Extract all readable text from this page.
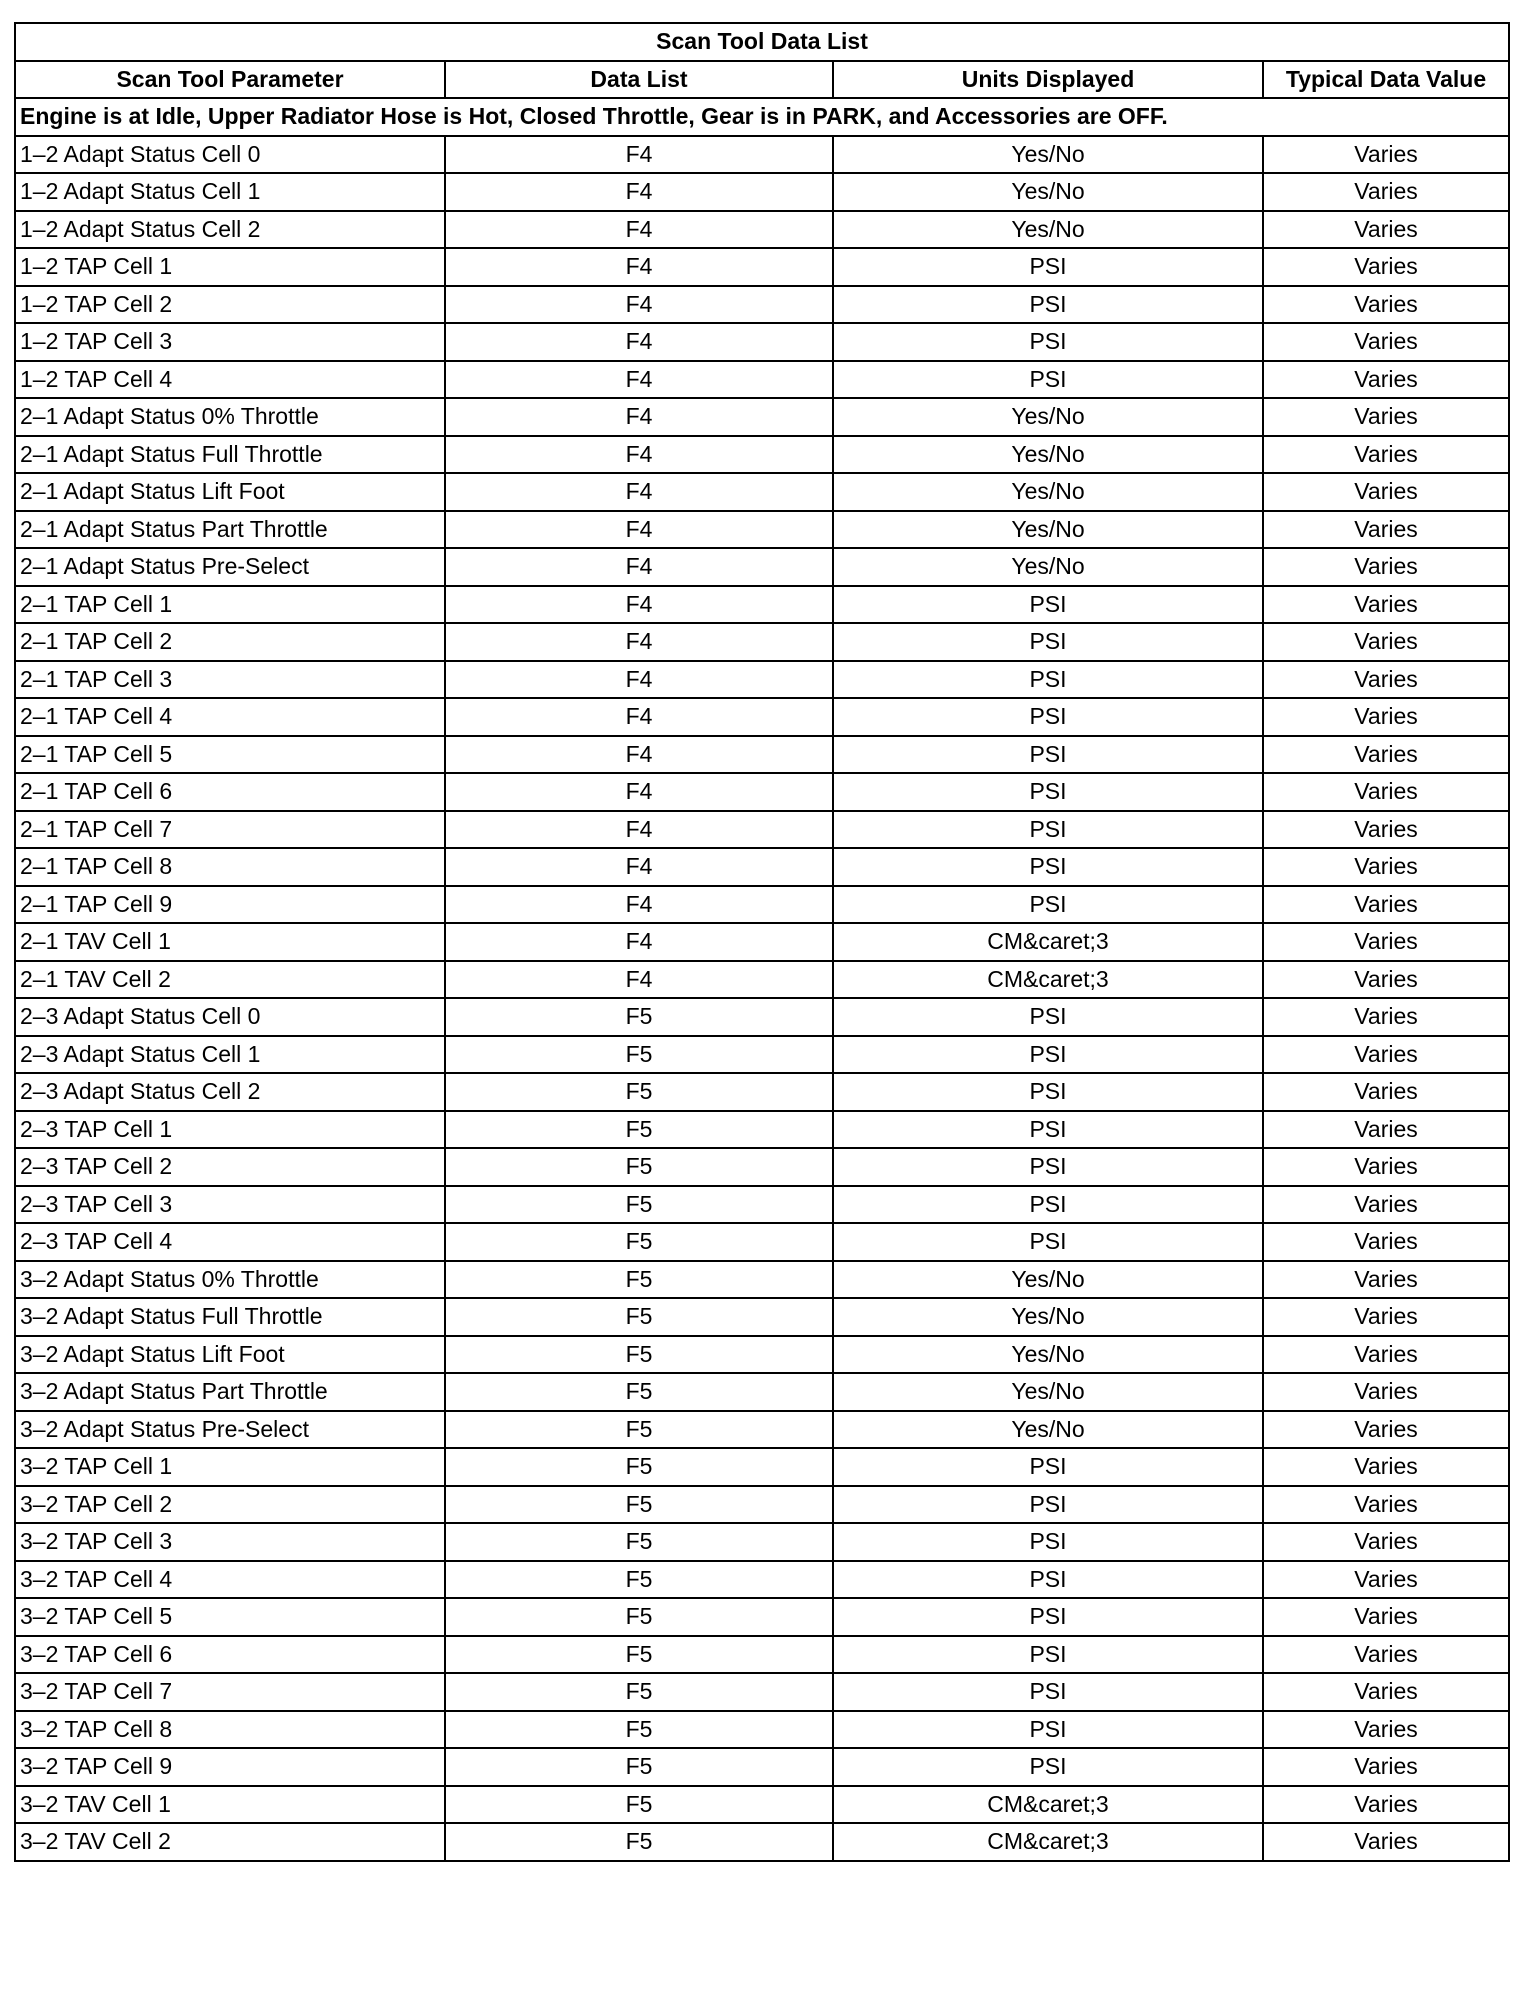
Scan Tool Data List			
Scan Tool Parameter	Data List	Units Displayed	Typical Data Value
Engine is at Idle, Upper Radiator Hose is Hot, Closed Throttle, Gear is in PARK, and Accessories are OFF.			
1–2 Adapt Status Cell 0	F4	Yes/No	Varies
1–2 Adapt Status Cell 1	F4	Yes/No	Varies
1–2 Adapt Status Cell 2	F4	Yes/No	Varies
1–2 TAP Cell 1	F4	PSI	Varies
1–2 TAP Cell 2	F4	PSI	Varies
1–2 TAP Cell 3	F4	PSI	Varies
1–2 TAP Cell 4	F4	PSI	Varies
2–1 Adapt Status 0% Throttle	F4	Yes/No	Varies
2–1 Adapt Status Full Throttle	F4	Yes/No	Varies
2–1 Adapt Status Lift Foot	F4	Yes/No	Varies
2–1 Adapt Status Part Throttle	F4	Yes/No	Varies
2–1 Adapt Status Pre-Select	F4	Yes/No	Varies
2–1 TAP Cell 1	F4	PSI	Varies
2–1 TAP Cell 2	F4	PSI	Varies
2–1 TAP Cell 3	F4	PSI	Varies
2–1 TAP Cell 4	F4	PSI	Varies
2–1 TAP Cell 5	F4	PSI	Varies
2–1 TAP Cell 6	F4	PSI	Varies
2–1 TAP Cell 7	F4	PSI	Varies
2–1 TAP Cell 8	F4	PSI	Varies
2–1 TAP Cell 9	F4	PSI	Varies
2–1 TAV Cell 1	F4	CM&caret;3	Varies
2–1 TAV Cell 2	F4	CM&caret;3	Varies
2–3 Adapt Status Cell 0	F5	PSI	Varies
2–3 Adapt Status Cell 1	F5	PSI	Varies
2–3 Adapt Status Cell 2	F5	PSI	Varies
2–3 TAP Cell 1	F5	PSI	Varies
2–3 TAP Cell 2	F5	PSI	Varies
2–3 TAP Cell 3	F5	PSI	Varies
2–3 TAP Cell 4	F5	PSI	Varies
3–2 Adapt Status 0% Throttle	F5	Yes/No	Varies
3–2 Adapt Status Full Throttle	F5	Yes/No	Varies
3–2 Adapt Status Lift Foot	F5	Yes/No	Varies
3–2 Adapt Status Part Throttle	F5	Yes/No	Varies
3–2 Adapt Status Pre-Select	F5	Yes/No	Varies
3–2 TAP Cell 1	F5	PSI	Varies
3–2 TAP Cell 2	F5	PSI	Varies
3–2 TAP Cell 3	F5	PSI	Varies
3–2 TAP Cell 4	F5	PSI	Varies
3–2 TAP Cell 5	F5	PSI	Varies
3–2 TAP Cell 6	F5	PSI	Varies
3–2 TAP Cell 7	F5	PSI	Varies
3–2 TAP Cell 8	F5	PSI	Varies
3–2 TAP Cell 9	F5	PSI	Varies
3–2 TAV Cell 1	F5	CM&caret;3	Varies
3–2 TAV Cell 2	F5	CM&caret;3	Varies
